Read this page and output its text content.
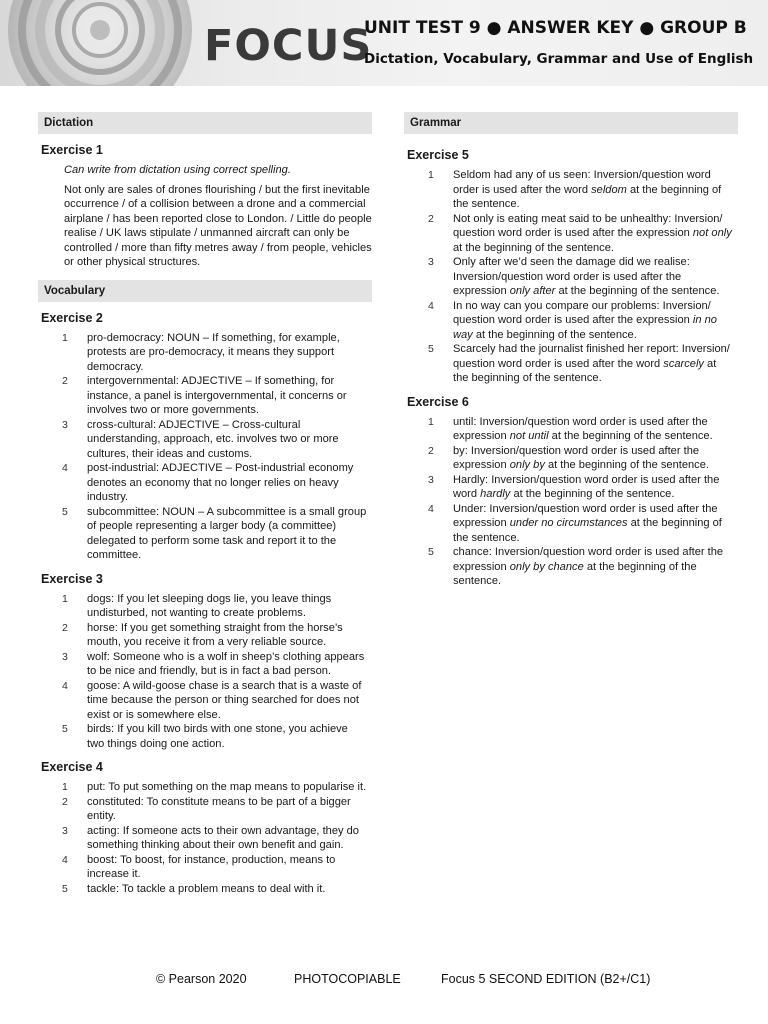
FOCUS
UNIT TEST 9 ● ANSWER KEY ● GROUP B
Dictation, Vocabulary, Grammar and Use of English
Dictation
Exercise 1

Can write from dictation using correct spelling.

Not only are sales of drones flourishing / but the first inevitable occurrence / of a collision between a drone and a commercial airplane / has been reported close to London. / Little do people realise / UK laws stipulate / unmanned aircraft can only be controlled / more than fifty metres away / from people, vehicles or other physical structures.

Vocabulary
Exercise 2
1 pro-democracy: NOUN – If something, for example, protests are pro-democracy, it means they support democracy.
2 intergovernmental: ADJECTIVE – If something, for instance, a panel is intergovernmental, it concerns or involves two or more governments.
3 cross-cultural: ADJECTIVE – Cross-cultural understanding, approach, etc. involves two or more cultures, their ideas and customs.
4 post-industrial: ADJECTIVE – Post-industrial economy denotes an economy that no longer relies on heavy industry.
5 subcommittee: NOUN – A subcommittee is a small group of people representing a larger body (a committee) delegated to perform some task and report it to the committee.
Exercise 3
1 dogs: If you let sleeping dogs lie, you leave things undisturbed, not wanting to create problems.
2 horse: If you get something straight from the horse’s mouth, you receive it from a very reliable source.
3 wolf: Someone who is a wolf in sheep’s clothing appears to be nice and friendly, but is in fact a bad person.
4 goose: A wild-goose chase is a search that is a waste of time because the person or thing searched for does not exist or is somewhere else.
5 birds: If you kill two birds with one stone, you achieve two things doing one action.
Exercise 4
1 put: To put something on the map means to popularise it.
2 constituted: To constitute means to be part of a bigger entity.
3 acting: If someone acts to their own advantage, they do something thinking about their own benefit and gain.
4 boost: To boost, for instance, production, means to increase it.
5 tackle: To tackle a problem means to deal with it.
Grammar
Exercise 5
1 Seldom had any of us seen: Inversion/question word order is used after the word seldom at the beginning of the sentence.
2 Not only is eating meat said to be unhealthy: Inversion/ question word order is used after the expression not only at the beginning of the sentence.
3 Only after we’d seen the damage did we realise: Inversion/question word order is used after the expression only after at the beginning of the sentence.
4 In no way can you compare our problems: Inversion/ question word order is used after the expression in no way at the beginning of the sentence.
5 Scarcely had the journalist finished her report: Inversion/ question word order is used after the word scarcely at the beginning of the sentence.
Exercise 6
1 until: Inversion/question word order is used after the expression not until at the beginning of the sentence.
2 by: Inversion/question word order is used after the expression only by at the beginning of the sentence.
3 Hardly: Inversion/question word order is used after the word hardly at the beginning of the sentence.
4 Under: Inversion/question word order is used after the expression under no circumstances at the beginning of the sentence.
5 chance: Inversion/question word order is used after the expression only by chance at the beginning of the sentence.
© Pearson 2020	PHOTOCOPIABLE	Focus 5 SECOND EDITION (B2+/C1)
